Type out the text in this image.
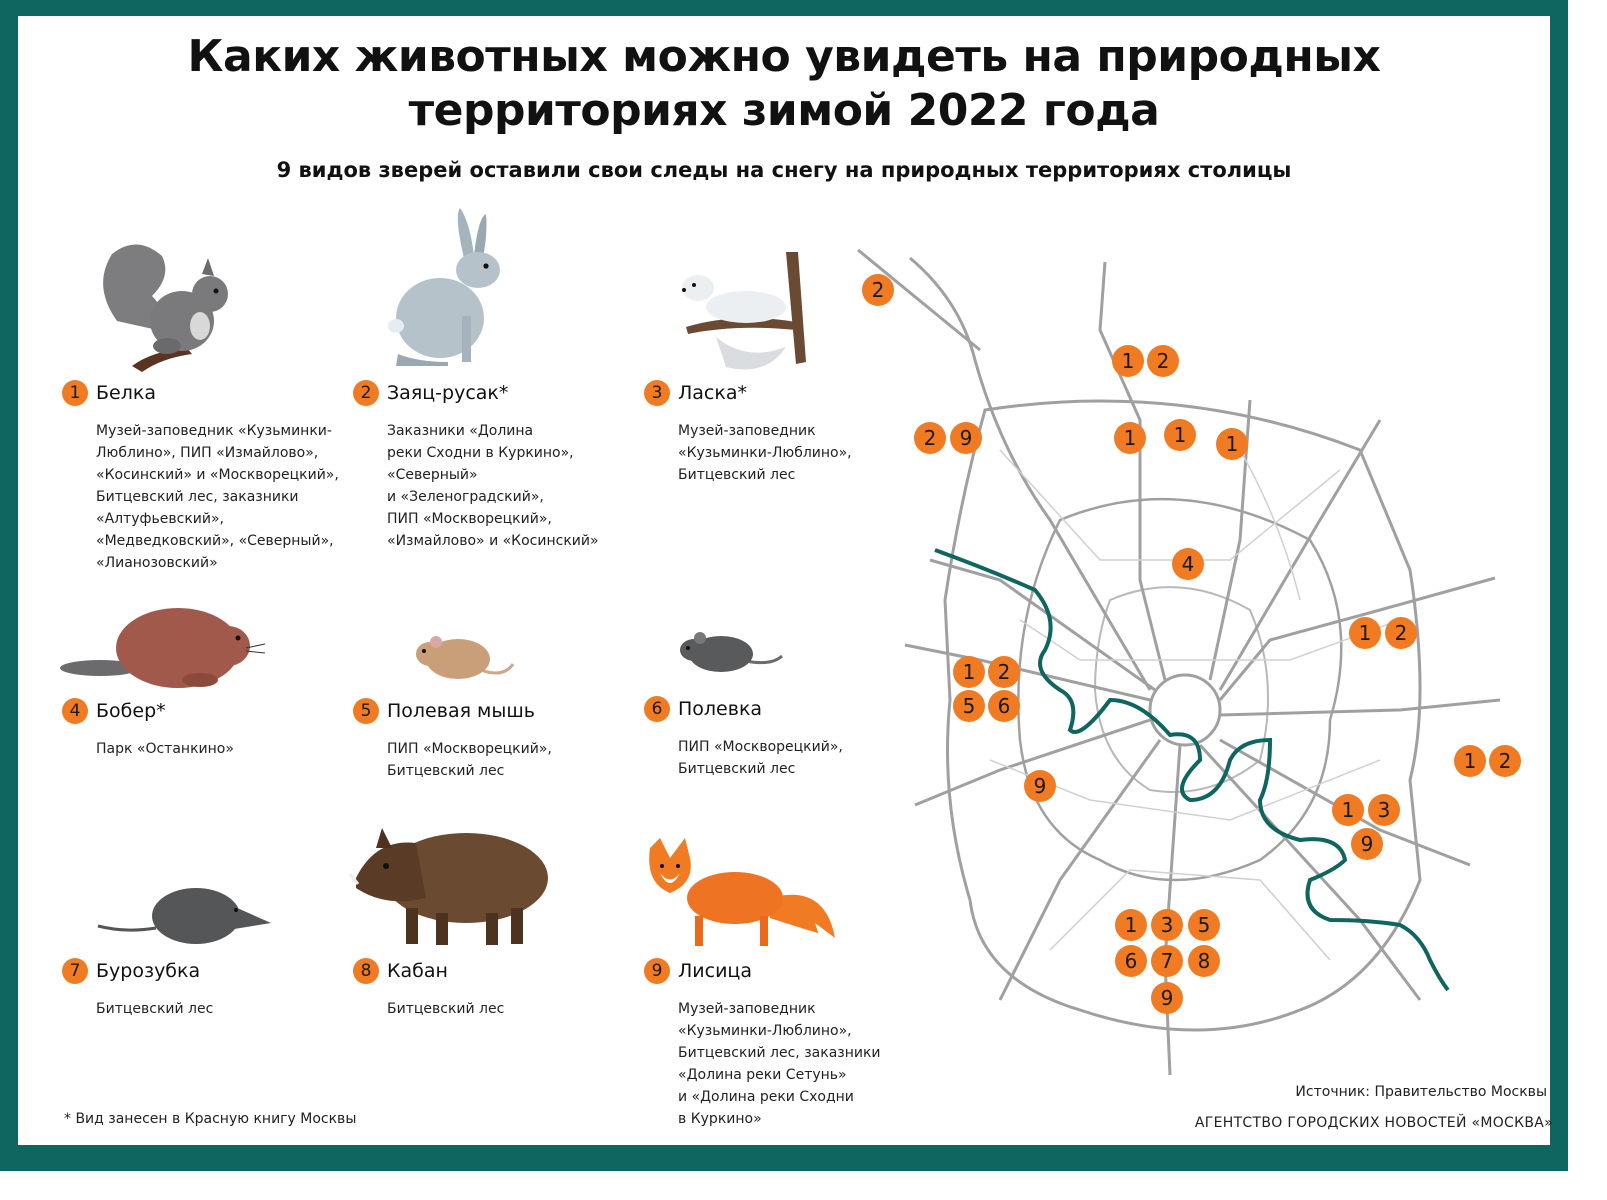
Каких животных можно увидеть на природных
территориях зимой 2022 года
9 видов зверей оставили свои следы на снегу на природных территориях столицы
1 Белка
Музей-заповедник «Кузьминки-
Люблино», ПИП «Измайлово»,
«Косинский» и «Москворецкий»,
Битцевский лес, заказники
«Алтуфьевский»,
«Медведковский», «Северный»,
«Лианозовский»
2 Заяц-русак*
Заказники «Долина
реки Сходни в Куркино»,
«Северный»
и «Зеленоградский»,
ПИП «Москворецкий»,
«Измайлово» и «Косинский»
3 Ласка*
Музей-заповедник
«Кузьминки-Люблино»,
Битцевский лес
4 Бобер*
Парк «Останкино»
5 Полевая мышь
ПИП «Москворецкий»,
Битцевский лес
6 Полевка
ПИП «Москворецкий»,
Битцевский лес
7 Бурозубка
Битцевский лес
8 Кабан
Битцевский лес
9 Лисица
Музей-заповедник
«Кузьминки-Люблино»,
Битцевский лес, заказники
«Долина реки Сетунь»
и «Долина реки Сходни
в Куркино»
2
1 2
2 9	1 1 1
4
1 2
1 2
5 6
9
1 2
1 3
9
1 3 5
6 7 8
9
* Вид занесен в Красную книгу Москвы
Источник: Правительство Москвы
АГЕНТСТВО ГОРОДСКИХ НОВОСТЕЙ «МОСКВА»
